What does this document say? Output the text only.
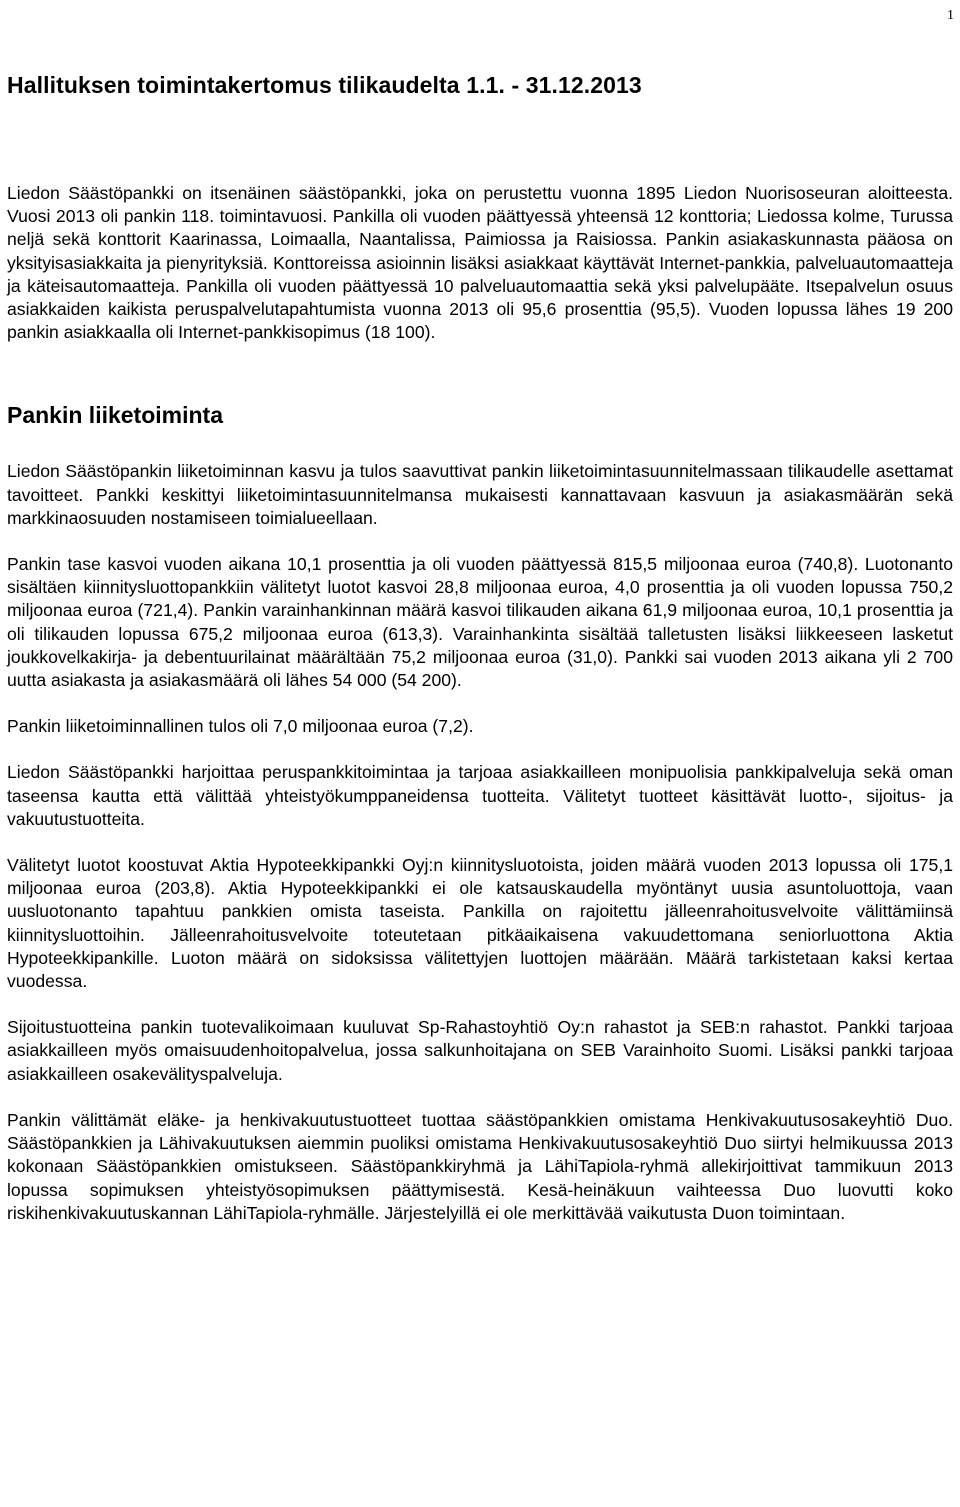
1
Hallituksen toimintakertomus tilikaudelta 1.1. - 31.12.2013

Liedon Säästöpankki on itsenäinen säästöpankki, joka on perustettu vuonna 1895 Liedon Nuorisoseuran aloitteesta. Vuosi 2013 oli pankin 118. toimintavuosi. Pankilla oli vuoden päättyessä yhteensä 12 konttoria; Liedossa kolme, Turussa neljä sekä konttorit Kaarinassa, Loimaalla, Naantalissa, Paimiossa ja Raisiossa. Pankin asiakaskunnasta pääosa on yksityisasiakkaita ja pienyrityksiä. Konttoreissa asioinnin lisäksi asiakkaat käyttävät Internet-pankkia, palveluautomaatteja ja käteisautomaatteja. Pankilla oli vuoden päättyessä 10 palveluautomaattia sekä yksi palvelupääte. Itsepalvelun osuus asiakkaiden kaikista peruspalvelutapahtumista vuonna 2013 oli 95,6 prosenttia (95,5). Vuoden lopussa lähes 19 200 pankin asiakkaalla oli Internet-pankkisopimus (18 100).

Pankin liiketoiminta

Liedon Säästöpankin liiketoiminnan kasvu ja tulos saavuttivat pankin liiketoimintasuunnitelmassaan tilikaudelle asettamat tavoitteet. Pankki keskittyi liiketoimintasuunnitelmansa mukaisesti kannattavaan kasvuun ja asiakasmäärän sekä markkinaosuuden nostamiseen toimialueellaan.

Pankin tase kasvoi vuoden aikana 10,1 prosenttia ja oli vuoden päättyessä 815,5 miljoonaa euroa (740,8). Luotonanto sisältäen kiinnitysluottopankkiin välitetyt luotot kasvoi 28,8 miljoonaa euroa, 4,0 prosenttia ja oli vuoden lopussa 750,2 miljoonaa euroa (721,4). Pankin varainhankinnan määrä kasvoi tilikauden aikana 61,9 miljoonaa euroa, 10,1 prosenttia ja oli tilikauden lopussa 675,2 miljoonaa euroa (613,3). Varainhankinta sisältää talletusten lisäksi liikkeeseen lasketut joukkovelkakirja- ja debentuurilainat määrältään 75,2 miljoonaa euroa (31,0). Pankki sai vuoden 2013 aikana yli 2 700 uutta asiakasta ja asiakasmäärä oli lähes 54 000 (54 200).

Pankin liiketoiminnallinen tulos oli 7,0 miljoonaa euroa (7,2).

Liedon Säästöpankki harjoittaa peruspankkitoimintaa ja tarjoaa asiakkailleen monipuolisia pankkipalveluja sekä oman taseensa kautta että välittää yhteistyökumppaneidensa tuotteita. Välitetyt tuotteet käsittävät luotto-, sijoitus- ja vakuutustuotteita.

Välitetyt luotot koostuvat Aktia Hypoteekkipankki Oyj:n kiinnitysluotoista, joiden määrä vuoden 2013 lopussa oli 175,1 miljoonaa euroa (203,8). Aktia Hypoteekkipankki ei ole katsauskaudella myöntänyt uusia asuntoluottoja, vaan uusluotonanto tapahtuu pankkien omista taseista. Pankilla on rajoitettu jälleenrahoitusvelvoite välittämiinsä kiinnitysluottoihin. Jälleenrahoitusvelvoite toteutetaan pitkäaikaisena vakuudettomana seniorluottona Aktia Hypoteekkipankille. Luoton määrä on sidoksissa välitettyjen luottojen määrään. Määrä tarkistetaan kaksi kertaa vuodessa.

Sijoitustuotteina pankin tuotevalikoimaan kuuluvat Sp-Rahastoyhtiö Oy:n rahastot ja SEB:n rahastot. Pankki tarjoaa asiakkailleen myös omaisuudenhoitopalvelua, jossa salkunhoitajana on SEB Varainhoito Suomi. Lisäksi pankki tarjoaa asiakkailleen osakevälityspalveluja.

Pankin välittämät eläke- ja henkivakuutustuotteet tuottaa säästöpankkien omistama Henkivakuutusosakeyhtiö Duo. Säästöpankkien ja Lähivakuutuksen aiemmin puoliksi omistama Henkivakuutusosakeyhtiö Duo siirtyi helmikuussa 2013 kokonaan Säästöpankkien omistukseen. Säästöpankkiryhmä ja LähiTapiola-ryhmä allekirjoittivat tammikuun 2013 lopussa sopimuksen yhteistyösopimuksen päättymisestä. Kesä-heinäkuun vaihteessa Duo luovutti koko riskihenkivakuutuskannan LähiTapiola-ryhmälle. Järjestelyillä ei ole merkittävää vaikutusta Duon toimintaan.
